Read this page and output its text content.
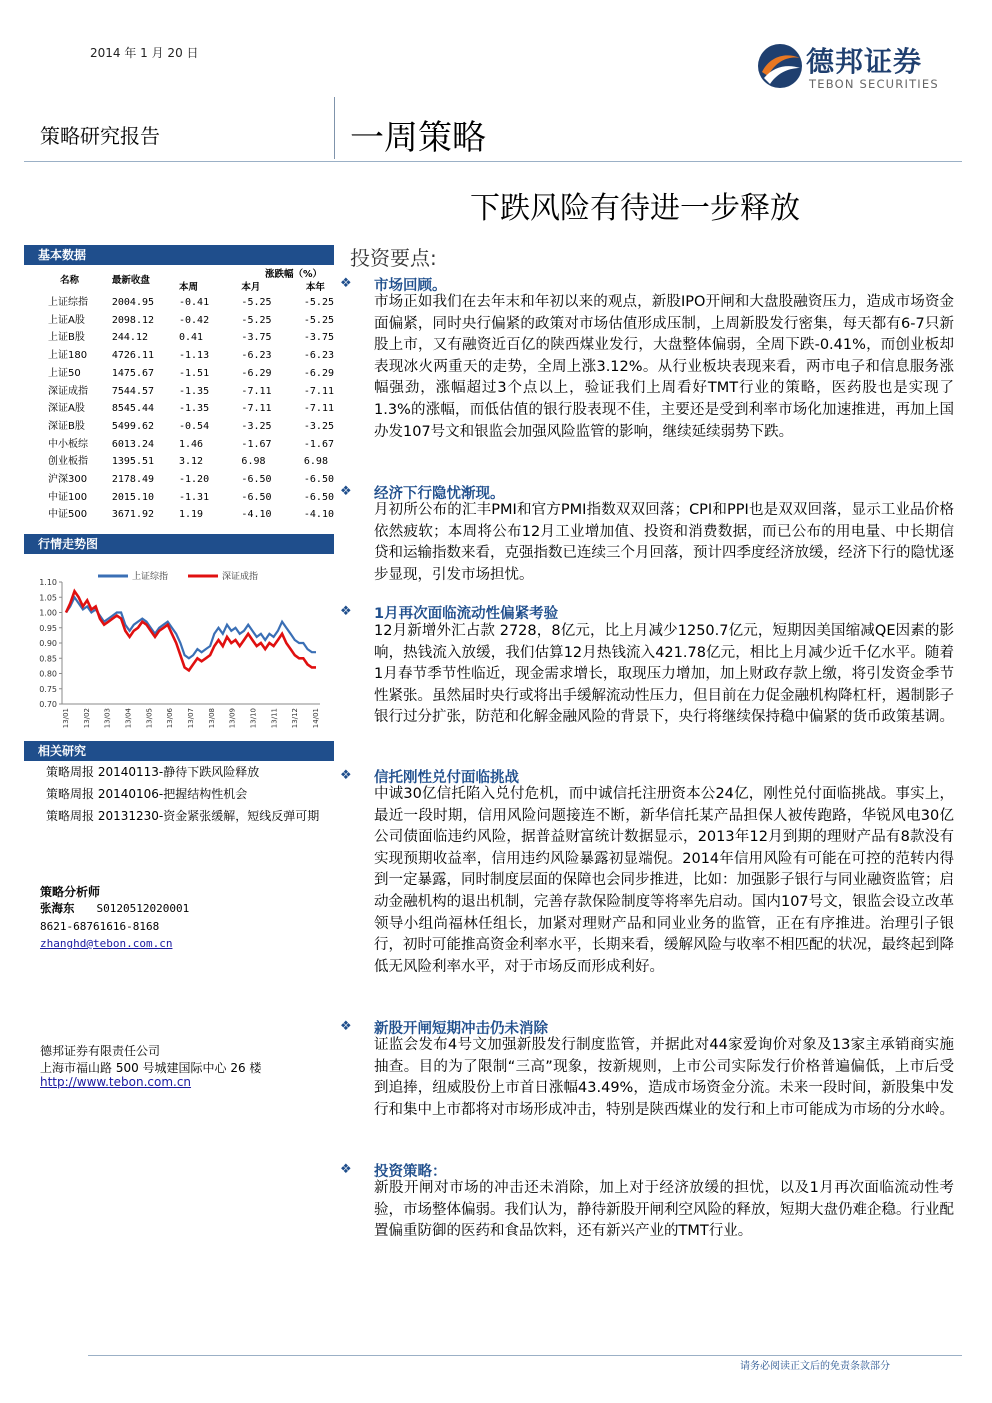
2014 年 1 月 20 日	德邦证券
TEBON SECURITIES
策略研究报告	一周策略
下跌风险有待进一步释放
基本数据
名称	最新收盘	涨跌幅（%）		
		本周	本月	本年
上证综指	2004.95	-0.41	-5.25	-5.25
上证A股	2098.12	-0.42	-5.25	-5.25
上证B股	244.12	0.41	-3.75	-3.75
上证180	4726.11	-1.13	-6.23	-6.23
上证50	1475.67	-1.51	-6.29	-6.29
深证成指	7544.57	-1.35	-7.11	-7.11
深证A股	8545.44	-1.35	-7.11	-7.11
深证B股	5499.62	-0.54	-3.25	-3.25
中小板综	6013.24	1.46	-1.67	-1.67
创业板指	1395.51	3.12	6.98	6.98
沪深300	2178.49	-1.20	-6.50	-6.50
中证100	2015.10	-1.31	-6.50	-6.50
中证500	3671.92	1.19	-4.10	-4.10
行情走势图
1.10
1.05
1.00
0.95
0.90
0.85
0.80
0.75
0.70
13/01 13/02 13/03 13/04 13/05 13/06 13/07 13/08 13/09 13/10 13/11 13/12 14/01
上证综指	深证成指
相关研究
策略周报 20140113-静待下跌风险释放
策略周报 20140106-把握结构性机会
策略周报 20131230-资金紧张缓解，短线反弹可期
策略分析师
张海东 S0120512020001
8621-68761616-8168
zhanghd@tebon.com.cn
德邦证券有限责任公司
上海市福山路 500 号城建国际中心 26 楼
http://www.tebon.com.cn
投资要点:
❖ 市场回顾。
市场正如我们在去年末和年初以来的观点，新股IPO开闸和大盘股融资压力，造成市场资金面偏紧，同时央行偏紧的政策对市场估值形成压制，上周新股发行密集，每天都有6-7只新股上市，又有融资近百亿的陕西煤业发行，大盘整体偏弱，全周下跌-0.41%，而创业板却表现冰火两重天的走势，全周上涨3.12%。从行业板块表现来看，两市电子和信息服务涨幅强劲，涨幅超过3个点以上，验证我们上周看好TMT行业的策略，医药股也是实现了1.3%的涨幅，而低估值的银行股表现不佳，主要还是受到利率市场化加速推进，再加上国办发107号文和银监会加强风险监管的影响，继续延续弱势下跌。
❖ 经济下行隐忧渐现。
月初所公布的汇丰PMI和官方PMI指数双双回落；CPI和PPI也是双双回落，显示工业品价格依然疲软；本周将公布12月工业增加值、投资和消费数据，而已公布的用电量、中长期信贷和运输指数来看，克强指数已连续三个月回落，预计四季度经济放缓，经济下行的隐忧逐步显现，引发市场担忧。
❖ 1月再次面临流动性偏紧考验
12月新增外汇占款 2728，8亿元，比上月减少1250.7亿元，短期因美国缩减QE因素的影响，热钱流入放缓，我们估算12月热钱流入421.78亿元，相比上月减少近千亿水平。随着1月春节季节性临近，现金需求增长，取现压力增加，加上财政存款上缴，将引发资金季节性紧张。虽然届时央行或将出手缓解流动性压力，但目前在力促金融机构降杠杆，遏制影子银行过分扩张，防范和化解金融风险的背景下，央行将继续保持稳中偏紧的货币政策基调。
❖ 信托刚性兑付面临挑战
中诚30亿信托陷入兑付危机，而中诚信托注册资本公24亿，刚性兑付面临挑战。事实上，最近一段时期，信用风险问题接连不断，新华信托某产品担保人被传跑路，华锐风电30亿公司债面临违约风险，据普益财富统计数据显示，2013年12月到期的理财产品有8款没有实现预期收益率，信用违约风险暴露初显端倪。2014年信用风险有可能在可控的范转内得到一定暴露，同时制度层面的保障也会同步推进，比如：加强影子银行与同业融资监管；启动金融机构的退出机制，完善存款保险制度等将率先启动。国内107号文，银监会设立改革领导小组尚福林任组长，加紧对理财产品和同业业务的监管，正在有序推进。治理引子银行，初时可能推高资金利率水平，长期来看，缓解风险与收率不相匹配的状况，最终起到降低无风险利率水平，对于市场反而形成利好。
❖ 新股开闸短期冲击仍未消除
证监会发布4号文加强新股发行制度监管，并据此对44家爱询价对象及13家主承销商实施抽查。目的为了限制“三高”现象，按新规则，上市公司实际发行价格普遍偏低，上市后受到追捧，纽威股份上市首日涨幅43.49%，造成市场资金分流。未来一段时间，新股集中发行和集中上市都将对市场形成冲击，特别是陕西煤业的发行和上市可能成为市场的分水岭。
❖ 投资策略：
新股开闸对市场的冲击还未消除，加上对于经济放缓的担忧，以及1月再次面临流动性考验，市场整体偏弱。我们认为，静待新股开闸利空风险的释放，短期大盘仍难企稳。行业配置偏重防御的医药和食品饮料，还有新兴产业的TMT行业。
请务必阅读正文后的免责条款部分
